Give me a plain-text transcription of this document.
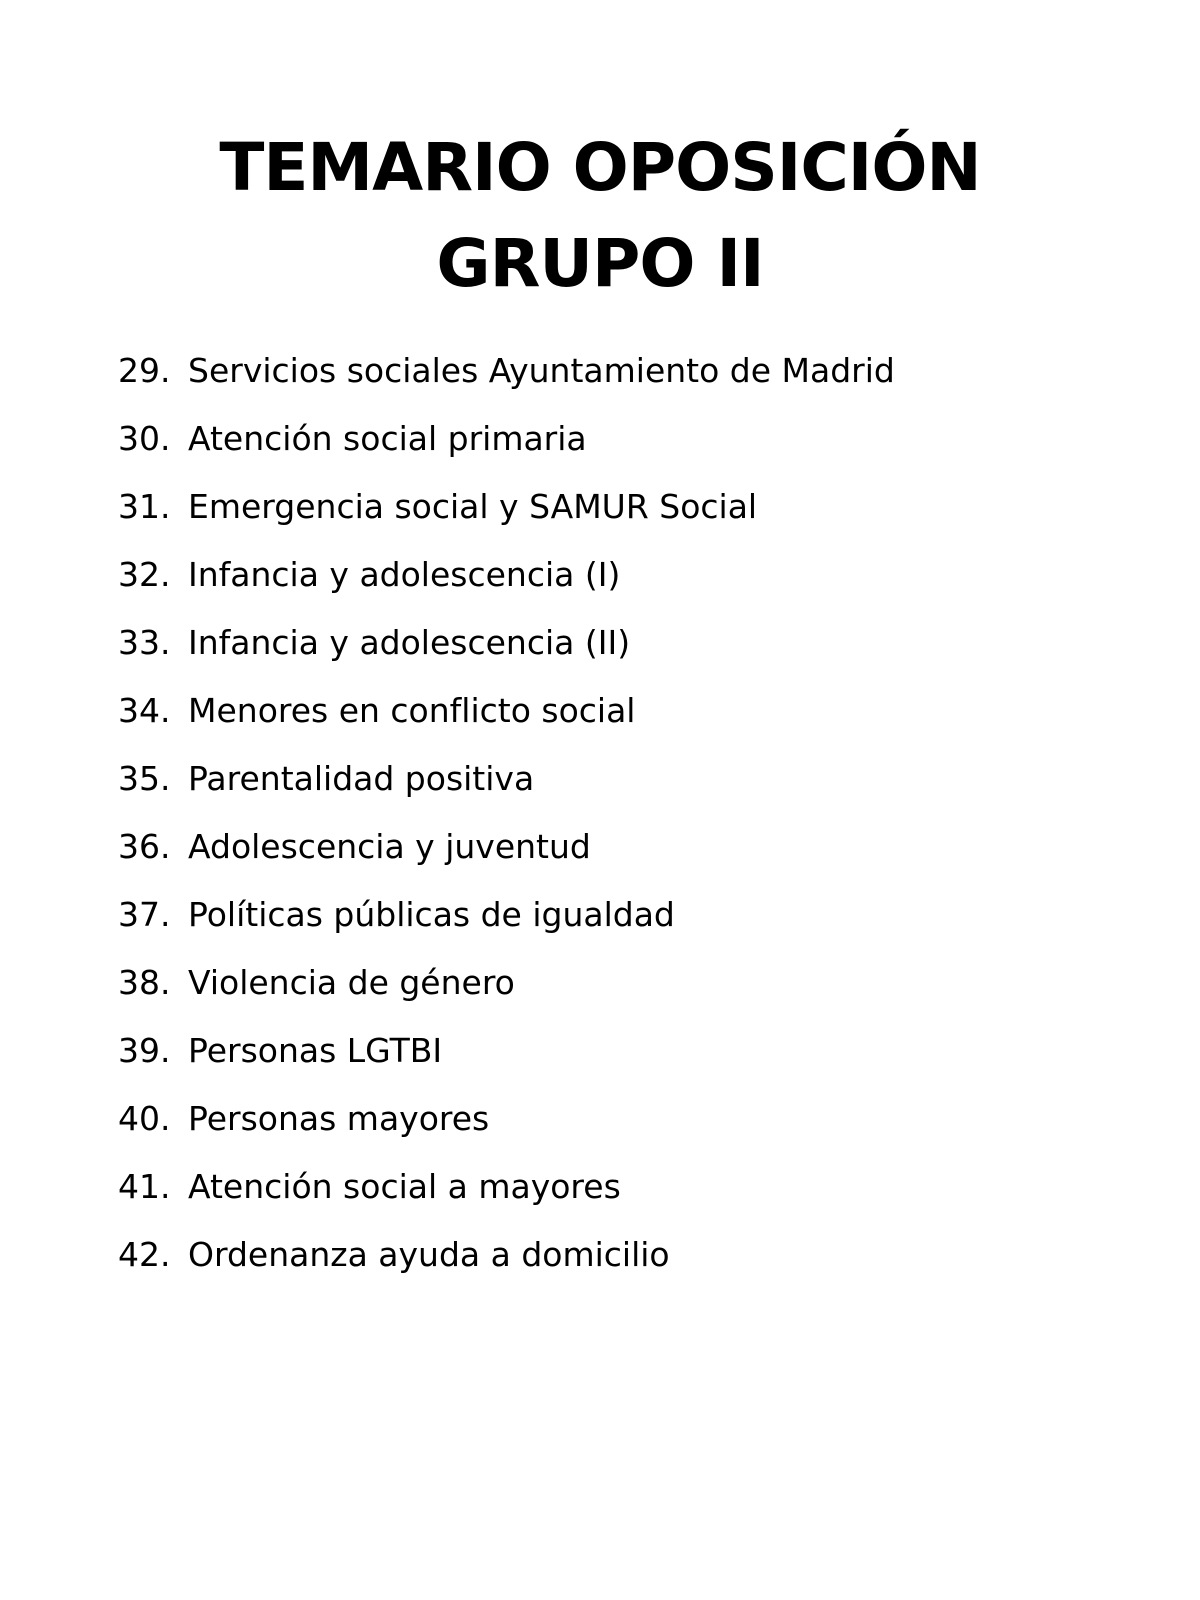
TEMARIO OPOSICIÓN
GRUPO II
29. Servicios sociales Ayuntamiento de Madrid
30. Atención social primaria
31. Emergencia social y SAMUR Social
32. Infancia y adolescencia (I)
33. Infancia y adolescencia (II)
34. Menores en conflicto social
35. Parentalidad positiva
36. Adolescencia y juventud
37. Políticas públicas de igualdad
38. Violencia de género
39. Personas LGTBI
40. Personas mayores
41. Atención social a mayores
42. Ordenanza ayuda a domicilio
